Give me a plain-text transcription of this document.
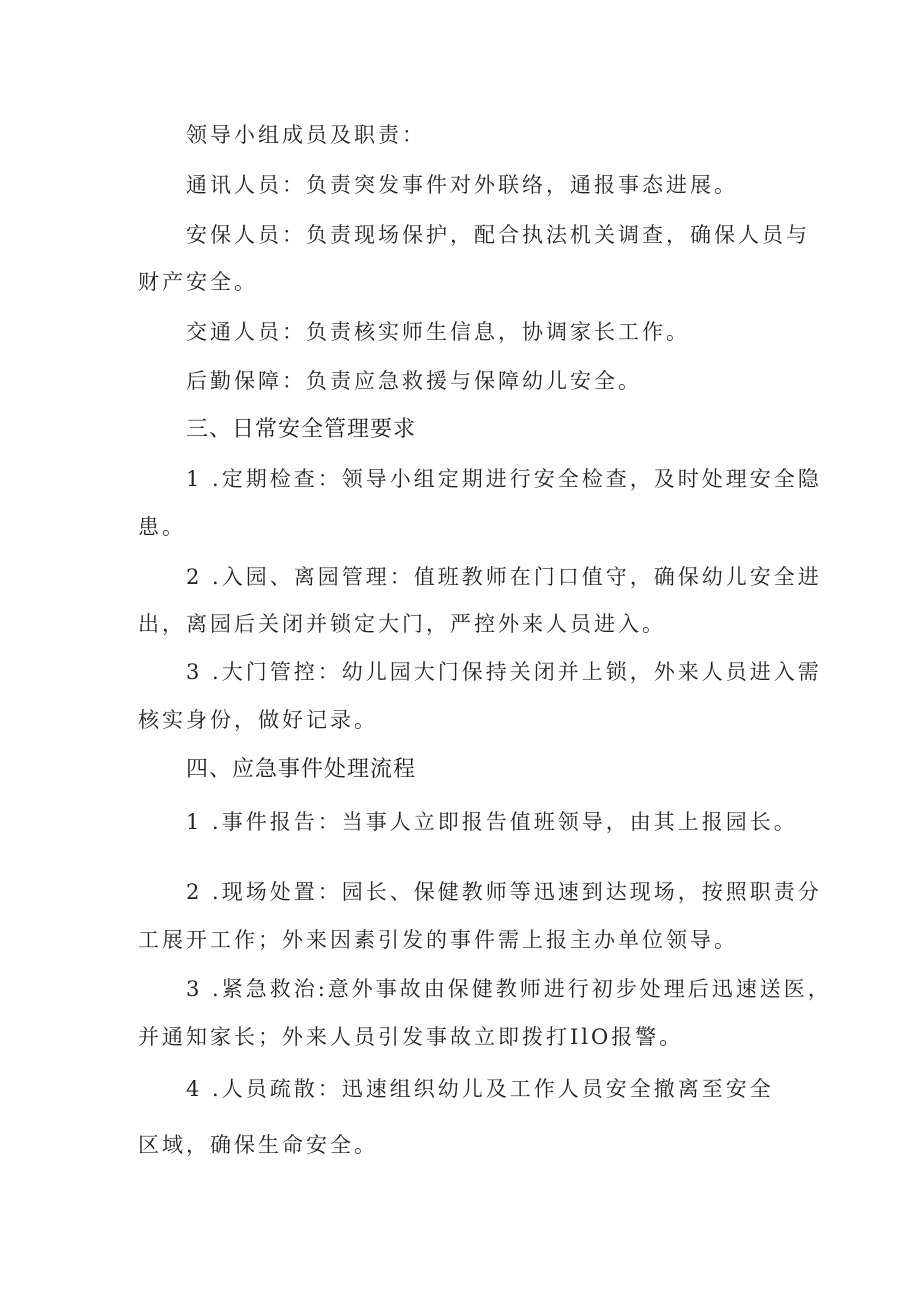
领导小组成员及职责：
通讯人员：负责突发事件对外联络，通报事态进展。
安保人员：负责现场保护，配合执法机关调查，确保人员与
财产安全。
交通人员：负责核实师生信息，协调家长工作。
后勤保障：负责应急救援与保障幼儿安全。
三、日常安全管理要求
1 .定期检查：领导小组定期进行安全检查，及时处理安全隐
患。
2 .入园、离园管理：值班教师在门口值守，确保幼儿安全进
出，离园后关闭并锁定大门，严控外来人员进入。
3 .大门管控：幼儿园大门保持关闭并上锁，外来人员进入需
核实身份，做好记录。
四、应急事件处理流程
1 .事件报告：当事人立即报告值班领导，由其上报园长。
2 .现场处置：园长、保健教师等迅速到达现场，按照职责分
工展开工作；外来因素引发的事件需上报主办单位领导。
3 .紧急救治:意外事故由保健教师进行初步处理后迅速送医，
并通知家长；外来人员引发事故立即拨打IlO报警。
4 .人员疏散：迅速组织幼儿及工作人员安全撤离至安全
区域，确保生命安全。
